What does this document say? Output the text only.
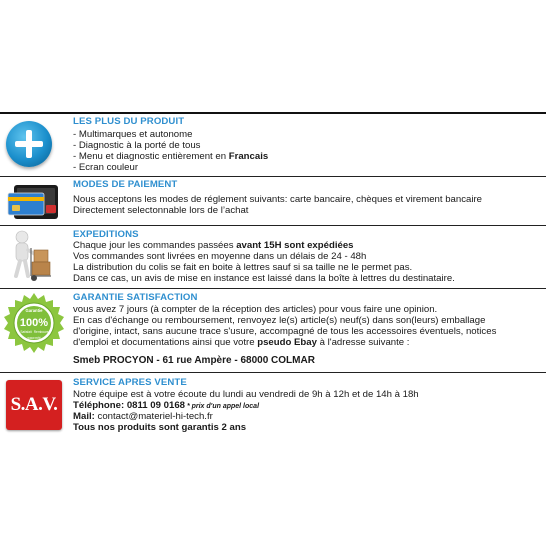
LES PLUS DU PRODUIT
- Multimarques et autonome
- Diagnostic à la porté de tous
- Menu et diagnostic entièrement en Francais
- Ecran couleur
MODES DE PAIEMENT
Nous acceptons les modes de réglement suivants: carte bancaire, chèques et virement bancaire
Directement selectonnable lors de l’achat
EXPEDITIONS
Chaque jour les commandes passées avant 15H sont expédiées
Vos commandes sont livrées en moyenne dans un délais de 24 - 48h
La distribution du colis se fait en boite à lettres sauf si sa taille ne le permet pas.
Dans ce cas, un avis de mise en instance est laissé dans la boîte à lettres du destinataire.
Garantie
100%
Satisfait Remboursé
www.mht
GARANTIE SATISFACTION
vous avez 7 jours (à compter de la réception des articles) pour vous faire une opinion.
En cas d'échange ou remboursement, renvoyez le(s) article(s) neuf(s) dans son(leurs) emballage
d'origine, intact, sans aucune trace s'usure, accompagné de tous les accessoires éventuels, notices
d'emploi et documentations ainsi que votre pseudo Ebay à l'adresse suivante :
Smeb PROCYON - 61 rue Ampère - 68000 COLMAR
S.A.V.
SERVICE APRES VENTE
Notre équipe est à votre écoute du lundi au vendredi de 9h à 12h et de 14h à 18h
Téléphone: 0811 09 0168 * prix d'un appel local
Mail: contact@materiel-hi-tech.fr
Tous nos produits sont garantis 2 ans
